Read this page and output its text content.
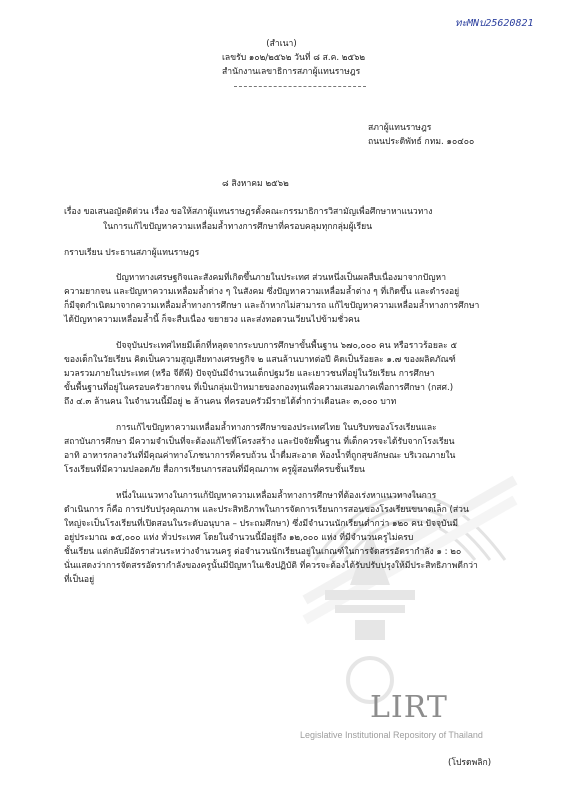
LIRT
Legislative Institutional Repository of Thailand
ทะMNบ25620821
(สำเนา)
เลขรับ ๑๐๒/๒๕๖๒ วันที่ ๘ ส.ค. ๒๕๖๒
สำนักงานเลขาธิการสภาผู้แทนราษฎร
สภาผู้แทนราษฎร
ถนนประดิพัทธ์ กทม. ๑๐๔๐๐
๘ สิงหาคม ๒๕๖๒
เรื่อง ขอเสนอญัตติด่วน เรื่อง ขอให้สภาผู้แทนราษฎรตั้งคณะกรรมาธิการวิสามัญเพื่อศึกษาหาแนวทาง
ในการแก้ไขปัญหาความเหลื่อมล้ำทางการศึกษาที่ครอบคลุมทุกกลุ่มผู้เรียน
กราบเรียน ประธานสภาผู้แทนราษฎร
ปัญหาทางเศรษฐกิจและสังคมที่เกิดขึ้นภายในประเทศ ส่วนหนึ่งเป็นผลสืบเนื่องมาจากปัญหา
ความยากจน และปัญหาความเหลื่อมล้ำต่าง ๆ ในสังคม ซึ่งปัญหาความเหลื่อมล้ำต่าง ๆ ที่เกิดขึ้น และดำรงอยู่
ก็มีจุดกำเนิดมาจากความเหลื่อมล้ำทางการศึกษา และถ้าหากไม่สามารถ แก้ไขปัญหาความเหลื่อมล้ำทางการศึกษา
ได้ปัญหาความเหลื่อมล้ำนี้ ก็จะสืบเนื่อง ขยายวง และส่งทอดวนเวียนไปข้ามชั่วคน
ปัจจุบันประเทศไทยมีเด็กที่หลุดจากระบบการศึกษาขั้นพื้นฐาน ๖๗๐,๐๐๐ คน หรือราวร้อยละ ๕
ของเด็กในวัยเรียน คิดเป็นความสูญเสียทางเศรษฐกิจ ๒ แสนล้านบาทต่อปี คิดเป็นร้อยละ ๑.๗ ของผลิตภัณฑ์
มวลรวมภายในประเทศ (หรือ จีดีพี) ปัจจุบันมีจำนวนเด็กปฐมวัย และเยาวชนที่อยู่ในวัยเรียน การศึกษา
ขั้นพื้นฐานที่อยู่ในครอบครัวยากจน ที่เป็นกลุ่มเป้าหมายของกองทุนเพื่อความเสมอภาคเพื่อการศึกษา (กสศ.)
ถึง ๔.๓ ล้านคน ในจำนวนนี้มีอยู่ ๒ ล้านคน ที่ครอบครัวมีรายได้ต่ำกว่าเดือนละ ๓,๐๐๐ บาท
การแก้ไขปัญหาความเหลื่อมล้ำทางการศึกษาของประเทศไทย ในบริบทของโรงเรียนและ
สถาบันการศึกษา มีความจำเป็นที่จะต้องแก้ไขที่โครงสร้าง และปัจจัยพื้นฐาน ที่เด็กควรจะได้รับจากโรงเรียน
อาทิ อาหารกลางวันที่มีคุณค่าทางโภชนาการที่ครบถ้วน น้ำดื่มสะอาด ห้องน้ำที่ถูกสุขลักษณะ บริเวณภายใน
โรงเรียนที่มีความปลอดภัย สื่อการเรียนการสอนที่มีคุณภาพ ครูผู้สอนที่ครบชั้นเรียน
หนึ่งในแนวทางในการแก้ปัญหาความเหลื่อมล้ำทางการศึกษาที่ต้องเร่งหาแนวทางในการ
ดำเนินการ ก็คือ การปรับปรุงคุณภาพ และประสิทธิภาพในการจัดการเรียนการสอนของโรงเรียนขนาดเล็ก (ส่วน
ใหญ่จะเป็นโรงเรียนที่เปิดสอนในระดับอนุบาล – ประถมศึกษา) ซึ่งมีจำนวนนักเรียนต่ำกว่า ๑๒๐ คน ปัจจุบันมี
อยู่ประมาณ ๑๕,๐๐๐ แห่ง ทั่วประเทศ โดยในจำนวนนี้มีอยู่ถึง ๑๒,๐๐๐ แห่ง ที่มีจำนวนครูไม่ครบ
ชั้นเรียน แต่กลับมีอัตราส่วนระหว่างจำนวนครู ต่อจำนวนนักเรียนอยู่ในเกณฑ์ในการจัดสรรอัตรากำลัง ๑ : ๒๐
นั่นแสดงว่าการจัดสรรอัตรากำลังของครูนั้นมีปัญหาในเชิงปฏิบัติ ที่ควรจะต้องได้รับปรับปรุงให้มีประสิทธิภาพดีกว่า
ที่เป็นอยู่
(โปรดพลิก)
